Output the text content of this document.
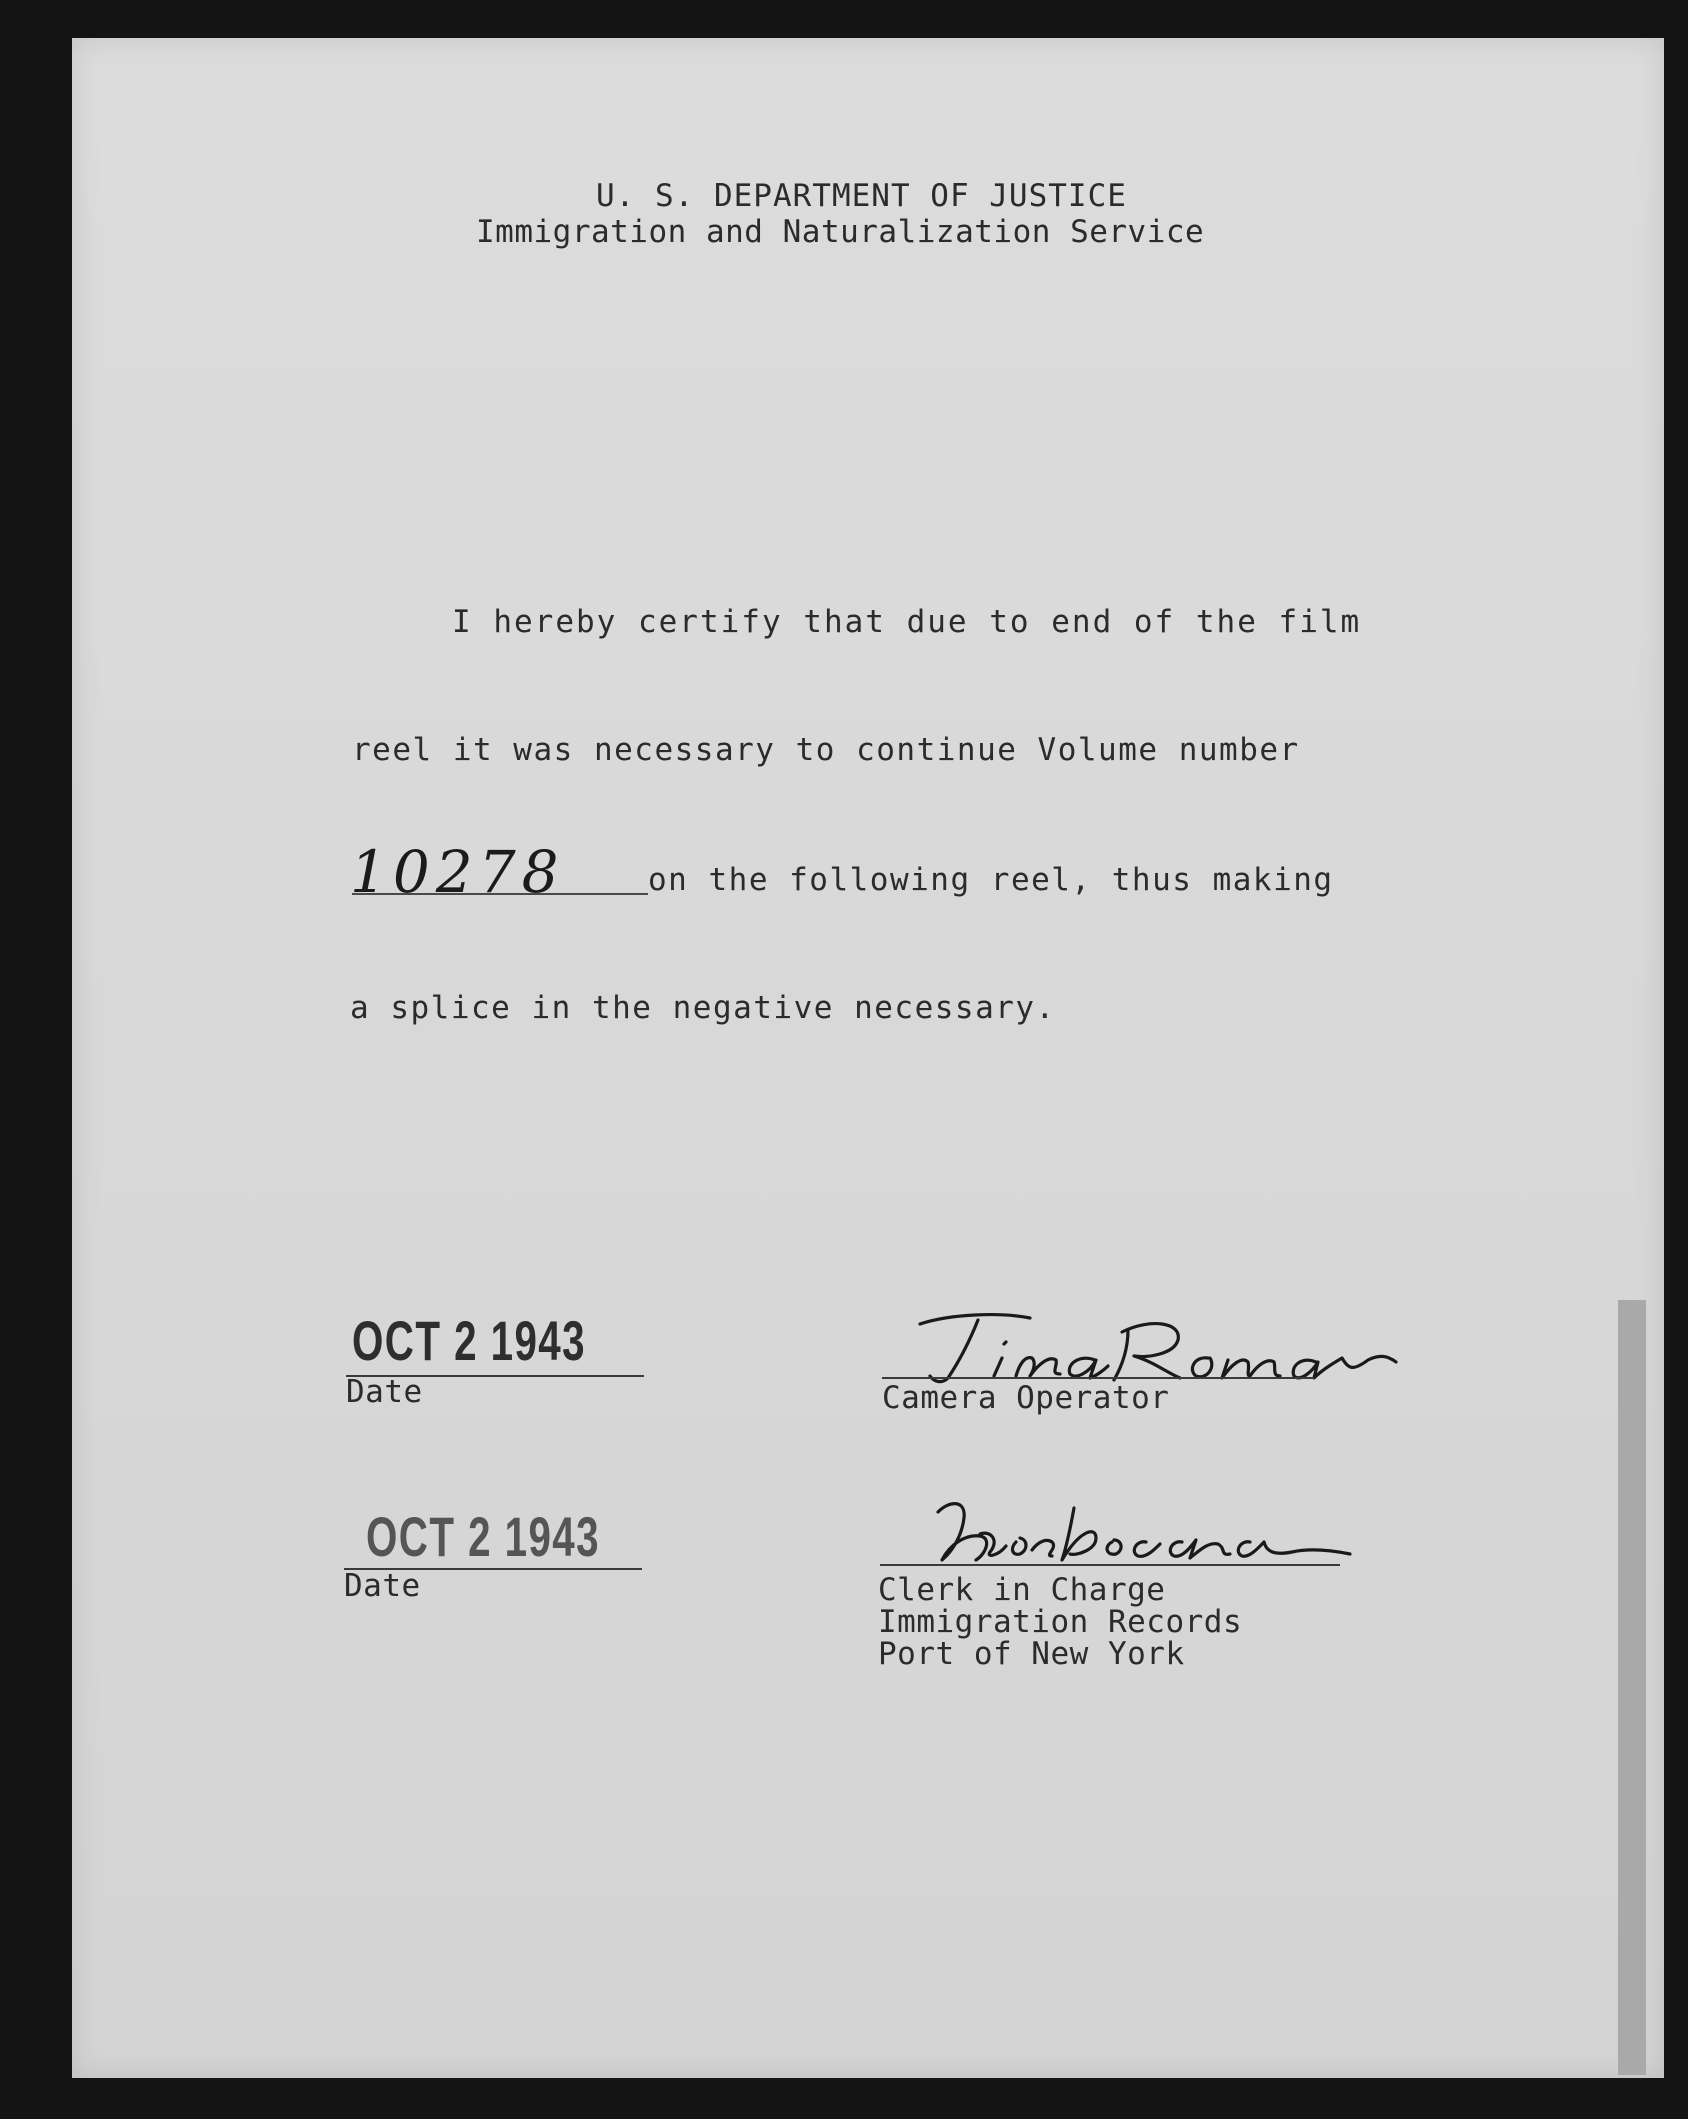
U. S. DEPARTMENT OF JUSTICE
Immigration and Naturalization Service
I hereby certify that due to end of the film
reel it was necessary to continue Volume number
10278	on the following reel, thus making
a splice in the negative necessary.
OCT 2 1943
Date	Camera Operator
OCT 2 1943
Date	Clerk in Charge
Immigration Records
Port of New York
